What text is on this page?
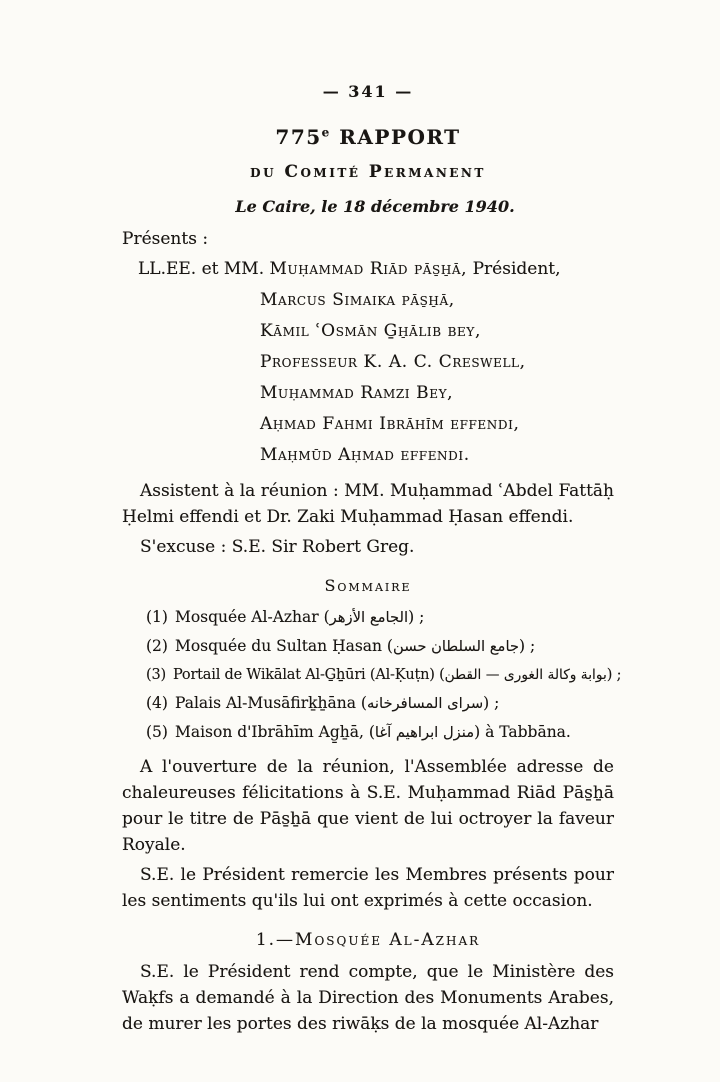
— 341 —
775e RAPPORT
du Comité Permanent
Le Caire, le 18 décembre 1940.
Présents :
LL.EE. et MM. Muḥammad Riād pās̱ẖā, Président,
Marcus Simaika pās̱ẖā,
Kāmil ʿOsmān G̱ẖālib bey,
Professeur K. A. C. Creswell,
Muḥammad Ramzi Bey,
Aḥmad Fahmi Ibrāhīm effendi,
Maḥmūd Aḥmad effendi.

Assistent à la réunion : MM. Muḥammad ʿAbdel Fattāḥ Ḥelmi effendi et Dr. Zaki Muḥammad Ḥasan effendi.

S'excuse : S.E. Sir Robert Greg.

Sommaire
(1) Mosquée Al-Azhar (الجامع الأزهر) ;
(2) Mosquée du Sultan Ḥasan (جامع السلطان حسن) ;
(3) Portail de Wikālat Al-G̱ẖūri (Al-Ḳuṭn) (بوابة وكالة الغورى — القطن) ;
(4) Palais Al-Musāfirḵẖāna (سراى المسافرخانه) ;
(5) Maison d'Ibrāhīm Ag̱ẖā, (منزل ابراهيم آغا) à Tabbāna.

A l'ouverture de la réunion, l'Assemblée adresse de chaleureuses félicitations à S.E. Muḥammad Riād Pās̱ẖā pour le titre de Pās̱ẖā que vient de lui octroyer la faveur Royale.

S.E. le Président remercie les Membres présents pour les sentiments qu'ils lui ont exprimés à cette occasion.

1.—Mosquée Al-Azhar

S.E. le Président rend compte, que le Ministère des Waḳfs a demandé à la Direction des Monuments Arabes, de murer les portes des riwāḳs de la mosquée Al-Azhar
